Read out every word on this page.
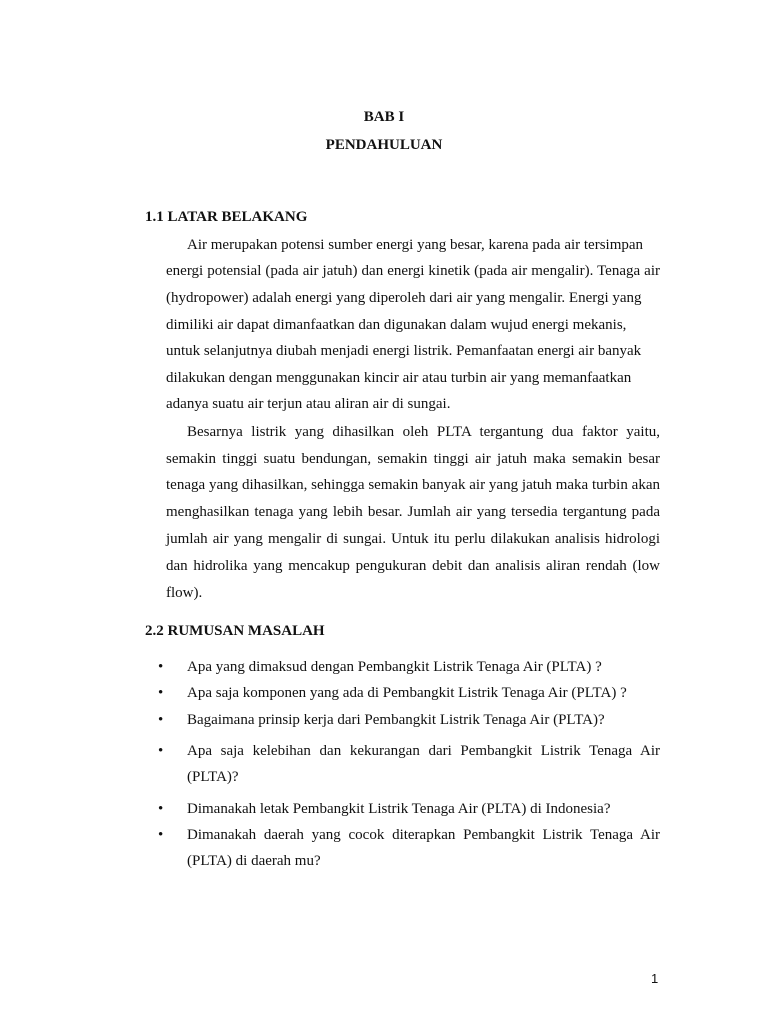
BAB I
PENDAHULUAN
1.1 LATAR BELAKANG
Air merupakan potensi sumber energi yang besar, karena pada air tersimpan
energi potensial (pada air jatuh) dan energi kinetik (pada air mengalir). Tenaga air
(hydropower) adalah energi yang diperoleh dari air yang mengalir. Energi yang
dimiliki air dapat dimanfaatkan dan digunakan dalam wujud energi mekanis,
untuk selanjutnya diubah menjadi energi listrik. Pemanfaatan energi air banyak
dilakukan dengan menggunakan kincir air atau turbin air yang memanfaatkan
adanya suatu air terjun atau aliran air di sungai.
Besarnya listrik yang dihasilkan oleh PLTA tergantung dua faktor yaitu,
semakin tinggi suatu bendungan, semakin tinggi air jatuh maka semakin besar
tenaga yang dihasilkan, sehingga semakin banyak air yang jatuh maka turbin akan
menghasilkan tenaga yang lebih besar. Jumlah air yang tersedia tergantung pada
jumlah air yang mengalir di sungai. Untuk itu perlu dilakukan analisis hidrologi
dan hidrolika yang mencakup pengukuran debit dan analisis aliran rendah (low
flow).
2.2 RUMUSAN MASALAH
• Apa yang dimaksud dengan Pembangkit Listrik Tenaga Air (PLTA) ?
• Apa saja komponen yang ada di Pembangkit Listrik Tenaga Air (PLTA) ?
• Bagaimana prinsip kerja dari Pembangkit Listrik Tenaga Air (PLTA)?
• Apa saja kelebihan dan kekurangan dari Pembangkit Listrik Tenaga Air
(PLTA)?
• Dimanakah letak Pembangkit Listrik Tenaga Air (PLTA) di Indonesia?
• Dimanakah daerah yang cocok diterapkan Pembangkit Listrik Tenaga Air
(PLTA) di daerah mu?
1
